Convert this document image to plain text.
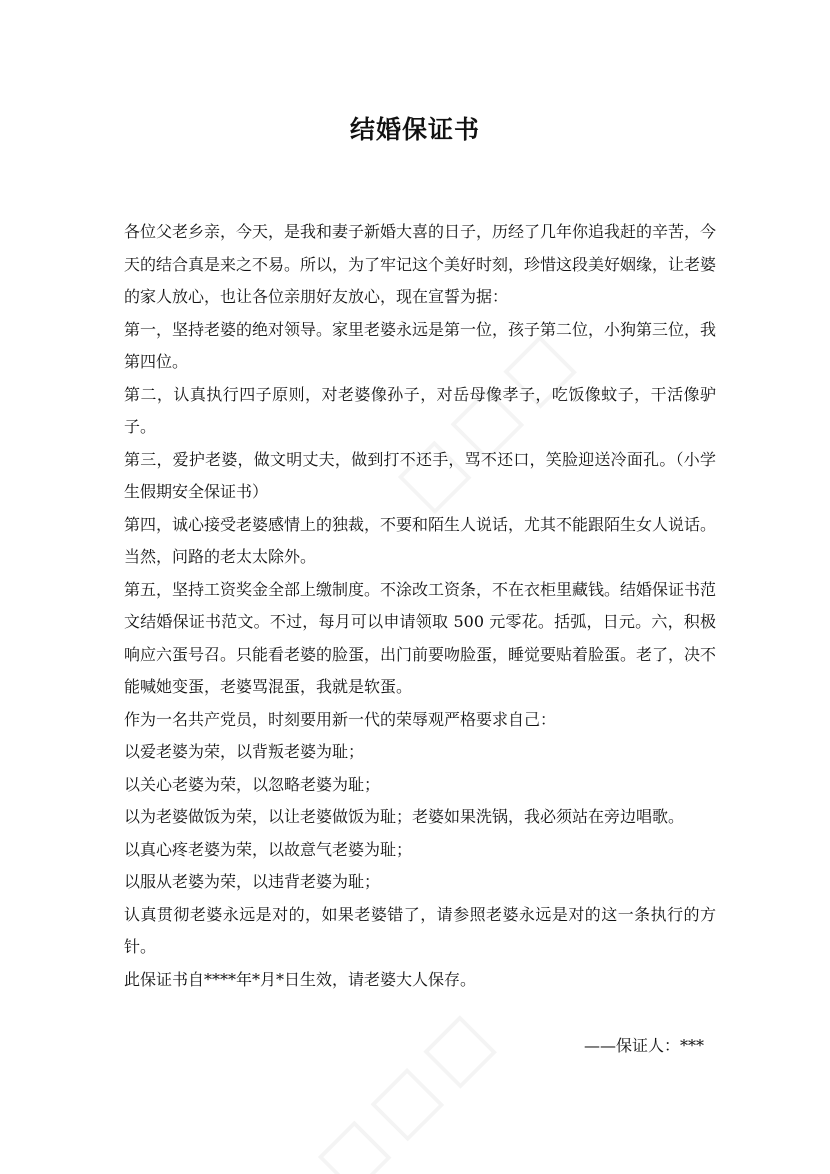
结婚保证书

各位父老乡亲，今天，是我和妻子新婚大喜的日子，历经了几年你追我赶的辛苦，今天的结合真是来之不易。所以，为了牢记这个美好时刻，珍惜这段美好姻缘，让老婆的家人放心，也让各位亲朋好友放心，现在宣誓为据：

第一，坚持老婆的绝对领导。家里老婆永远是第一位，孩子第二位，小狗第三位，我第四位。

第二，认真执行四子原则，对老婆像孙子，对岳母像孝子，吃饭像蚊子，干活像驴子。

第三，爱护老婆，做文明丈夫，做到打不还手，骂不还口，笑脸迎送冷面孔。（小学生假期安全保证书）

第四，诚心接受老婆感情上的独裁，不要和陌生人说话，尤其不能跟陌生女人说话。当然，问路的老太太除外。

第五，坚持工资奖金全部上缴制度。不涂改工资条，不在衣柜里藏钱。结婚保证书范文结婚保证书范文。不过，每月可以申请领取 500 元零花。括弧，日元。六，积极响应六蛋号召。只能看老婆的脸蛋，出门前要吻脸蛋，睡觉要贴着脸蛋。老了，决不能喊她变蛋，老婆骂混蛋，我就是软蛋。

作为一名共产党员，时刻要用新一代的荣辱观严格要求自己：

以爱老婆为荣，以背叛老婆为耻；

以关心老婆为荣，以忽略老婆为耻；

以为老婆做饭为荣，以让老婆做饭为耻；老婆如果洗锅，我必须站在旁边唱歌。

以真心疼老婆为荣，以故意气老婆为耻；

以服从老婆为荣，以违背老婆为耻；

认真贯彻老婆永远是对的，如果老婆错了，请参照老婆永远是对的这一条执行的方针。

此保证书自****年*月*日生效，请老婆大人保存。

——保证人：***
